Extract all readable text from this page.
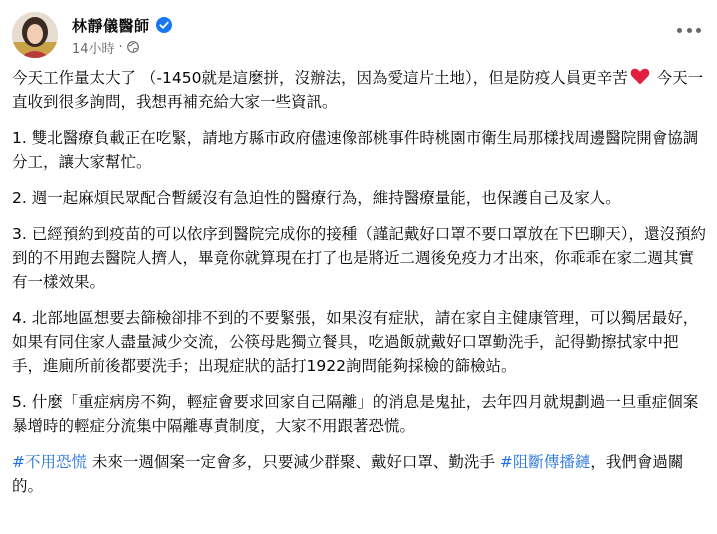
林靜儀醫師
14小時 ·

今天工作量太大了 （-1450就是這麼拼，沒辦法，因為愛這片土地），但是防疫人員更辛苦 今天一直收到很多詢問，我想再補充給大家一些資訊。

1. 雙北醫療負載正在吃緊，請地方縣市政府儘速像部桃事件時桃園市衛生局那樣找周邊醫院開會協調分工，讓大家幫忙。

2. 週一起麻煩民眾配合暫緩沒有急迫性的醫療行為，維持醫療量能，也保護自己及家人。

3. 已經預約到疫苗的可以依序到醫院完成你的接種（謹記戴好口罩不要口罩放在下巴聊天），還沒預約到的不用跑去醫院人擠人，畢竟你就算現在打了也是將近二週後免疫力才出來，你乖乖在家二週其實有一樣效果。

4. 北部地區想要去篩檢卻排不到的不要緊張，如果沒有症狀，請在家自主健康管理，可以獨居最好，如果有同住家人盡量減少交流，公筷母匙獨立餐具，吃過飯就戴好口罩勤洗手，記得勤擦拭家中把手，進廁所前後都要洗手；出現症狀的話打1922詢問能夠採檢的篩檢站。

5. 什麼「重症病房不夠，輕症會要求回家自己隔離」的消息是鬼扯，去年四月就規劃過一旦重症個案暴增時的輕症分流集中隔離專責制度，大家不用跟著恐慌。

#不用恐慌 未來一週個案一定會多，只要減少群聚、戴好口罩、勤洗手 #阻斷傳播鏈，我們會過關的。
